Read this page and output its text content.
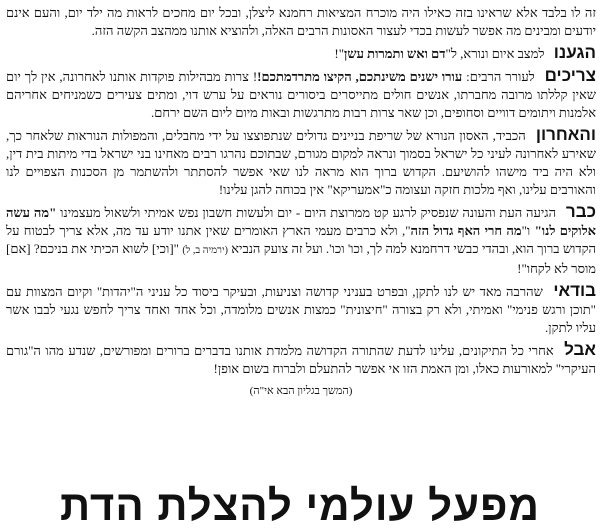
זה לו בלבד אלא שראינו בזה כאילו היה מוכרח המציאות רחמנא ליצלן, ובכל יום מחכים לראות מה ילד יום, והעם אינם יודעים ומבינים מה אפשר לעשות בכדי לעצור האסונות הרבים האלה, ולהוציא אותנו ממהצב הקשה הזה.

הגענו למצב איום ונורא, ל"דם ואש ותמרות עשן"!

צריכים לעורר הרבים: עורו ישנים משינתכם, הקיצו מתרדמתכם!! צרות מבהילות פוקדות אותנו לאחרונה, אין לך יום שאין קללתו מרובה מחברתו, אנשים חולים מתייסרים ביסורים נוראים על ערש דוי, ומתים צעירים כשמניחים אחריהם אלמנות ויתומים דוויים וסחופים, וכן שאר צרות רבות מתרגשות ובאות מיום ליום השם ירחם.

והאחרון הכביד, האסון הנורא של שריפת בניינים גדולים שנתפוצצו על ידי מחבלים, והמפולות הנוראות שלאחר כך, שאירע לאחרונה לעיני כל ישראל בסמוך ונראה למקום מגורם, שבתוכם נהרגו רבים מאחינו בני ישראל בדי מיתות בית דין, ולא היה ביד מישהו להושיעם. הקדוש ברוך הוא מראה לנו שאי אפשר להסתתר ולהשתמר מן הסכנות הצפויים לנו והאורבים עלינו, ואף מלכות חזקה ועצומה כ"אמעריקא" אין בכוחה להגן עלינו!

כבר הגיעה העת והעונה שנפסיק לרגע קט ממרוצת היום - יום ולעשות חשבון נפש אמיתי ולשאול מעצמינו "מה עשה אלוקים לנו" ו"מה חרי האף גדול הזה", ולא כרבים מעמי הארץ האומרים שאין אתנו יודע עד מה, אלא צריך לבטוח על הקדוש ברוך הוא, ובהדי כבשי דרחמנא למה לך, וכו' וכו'. ועל זה צועק הנביא (ירמיה ב, ל) "[וכי] לשוא הכיתי את בניכם? [אם] מוסר לא לקחו"!

בודאי שהרבה מאד יש לנו לתקן, ובפרט בעניני קדושה וצניעות, ובעיקר ביסוד כל עניני ה"יהדות" וקיום המצוות עם "תוכן ורגש פנימי" ואמיתי, ולא רק בצורה "חיצונית" כמצות אנשים מלומדה, וכל אחד ואחד צריך לחפש נגעי לבבו אשר עליו לתקן.

אבל אחרי כל התיקונים, עלינו לדעת שהתורה הקדושה מלמדת אותנו בדברים ברורים ומפורשים, שנדע מהו ה"גורם העיקרי" למאורעות כאלו, ומן האמת הזו אי אפשר להתעלם ולברוח בשום אופן!

(המשך בגליון הבא אי"ה)

מפעל עולמי להצלת הדת
